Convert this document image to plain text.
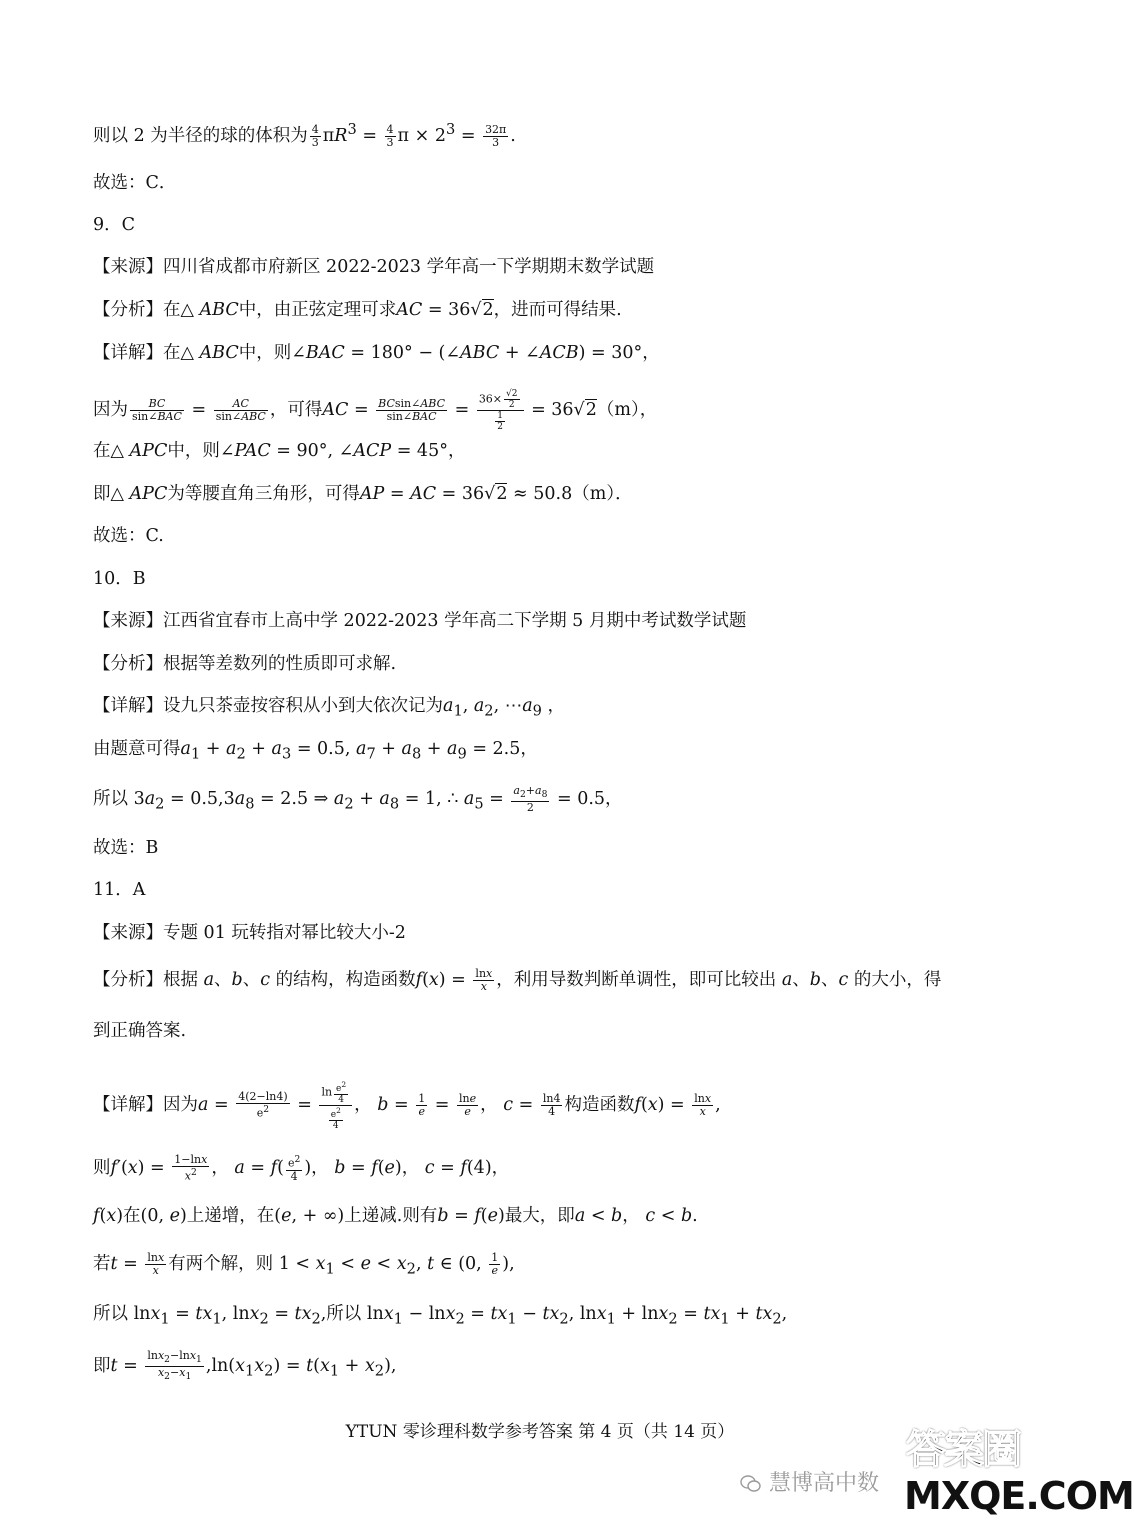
则以 2 为半径的球的体积为 $\frac{4}{3} \pi R^3 = \frac{4}{3}$ $\pi \times 2^3 = \frac{32\pi}{3}$ .
故选：C．
9．C
【来源】四川省成都市府新区 2022-2023 学年高一下学期期末数学试题
【分析】在△ ABC中，由正弦定理可求AC = 36√2，进而可得结果.
【详解】在△ ABC中，则∠BAC = 180° − (∠ABC + ∠ACB) = 30°，
因为 $\frac{BC}{\text{sin∠BAC}} = \frac{AC}{\text{sin∠ABC}}$ ，可得AC = $\frac{\text{BCsin∠ABC}}{\text{sin∠BAC}} = \frac{36\times \frac{√2}{2}}{\frac{1}{2}} = 36√2(m)$，
在△ APC中，则∠PAC = 90°, ∠ACP = 45°，
即△ APC为等腰直角三角形，可得AP = AC = 36√2 ≈ 50.8（m）．
故选：C.
10．B
【来源】江西省宜春市上高中学 2022-2023 学年高二下学期 5 月期中考试数学试题
【分析】根据等差数列的性质即可求解.
【详解】设九只茶壶按容积从小到大依次记为$a_1$, $a_2$, $\cdots a_9$ ，
由题意可得$a_1 + a_2 + a_3 = 0.5$, $a_7 + a_8 + a_9 = 2.5$，
所以 $3a_2 = 0.5,3a_8 = 2.5$ ⇒ $a_2 + a_8 = 1$, ∴ $a_5 = \frac{a_2+a_8}{2} = 0.5$，
故选：B
11．A
【来源】专题 01 玩转指对幂比较大小-2
【分析】根据 a、b、c 的结构，构造函数$f(x) = \frac{\ln x}{x}$ ，利用导数判断单调性，即可比较出 a、b、c 的大小，得
到正确答案.
【详解】因为$a = \frac{4(2-\ln 4)}{e^2} = \frac{\ln \frac{e^2}{4}}{\frac{e^2}{4}}$ ， $b = \frac{1}{e} = \frac{\ln e}{e}$ ， $c = \frac{\ln 4}{4}$ 构造函数$f(x) = \frac{\ln x}{x}$ ,
则$f'(x) = \frac{1-\ln x}{x^2}$ ， $a = f( \frac{e^2}{4}$ )， b = f(e)， c = f(4)，
f(x)在(0, e)上递增，在(e, + ∞)上递减.则有b = f(e)最大，即a < b， c < b.
若$t = \frac{\ln x}{x}$ 有两个解，则 $1 < x_1 < e < x_2$, t ∈ (0, $\frac{1}{e}$ ),
所以 $\ln x_1 = tx_1$, $\ln x_2 = tx_2$,所以 $\ln x_1 - \ln x_2 = tx_1 - tx_2$, $\ln x_1 + \ln x_2 = tx_1 + tx_2$,
即$t = \frac{\ln x_2-\ln x_1}{x_2-x_1} ,\ln(x_1x_2) = t(x_1 + x_2)$,
YTUN 零诊理科数学参考答案 第 4 页（共 14 页）
慧博高中数
答案圈
MXQE.COM
